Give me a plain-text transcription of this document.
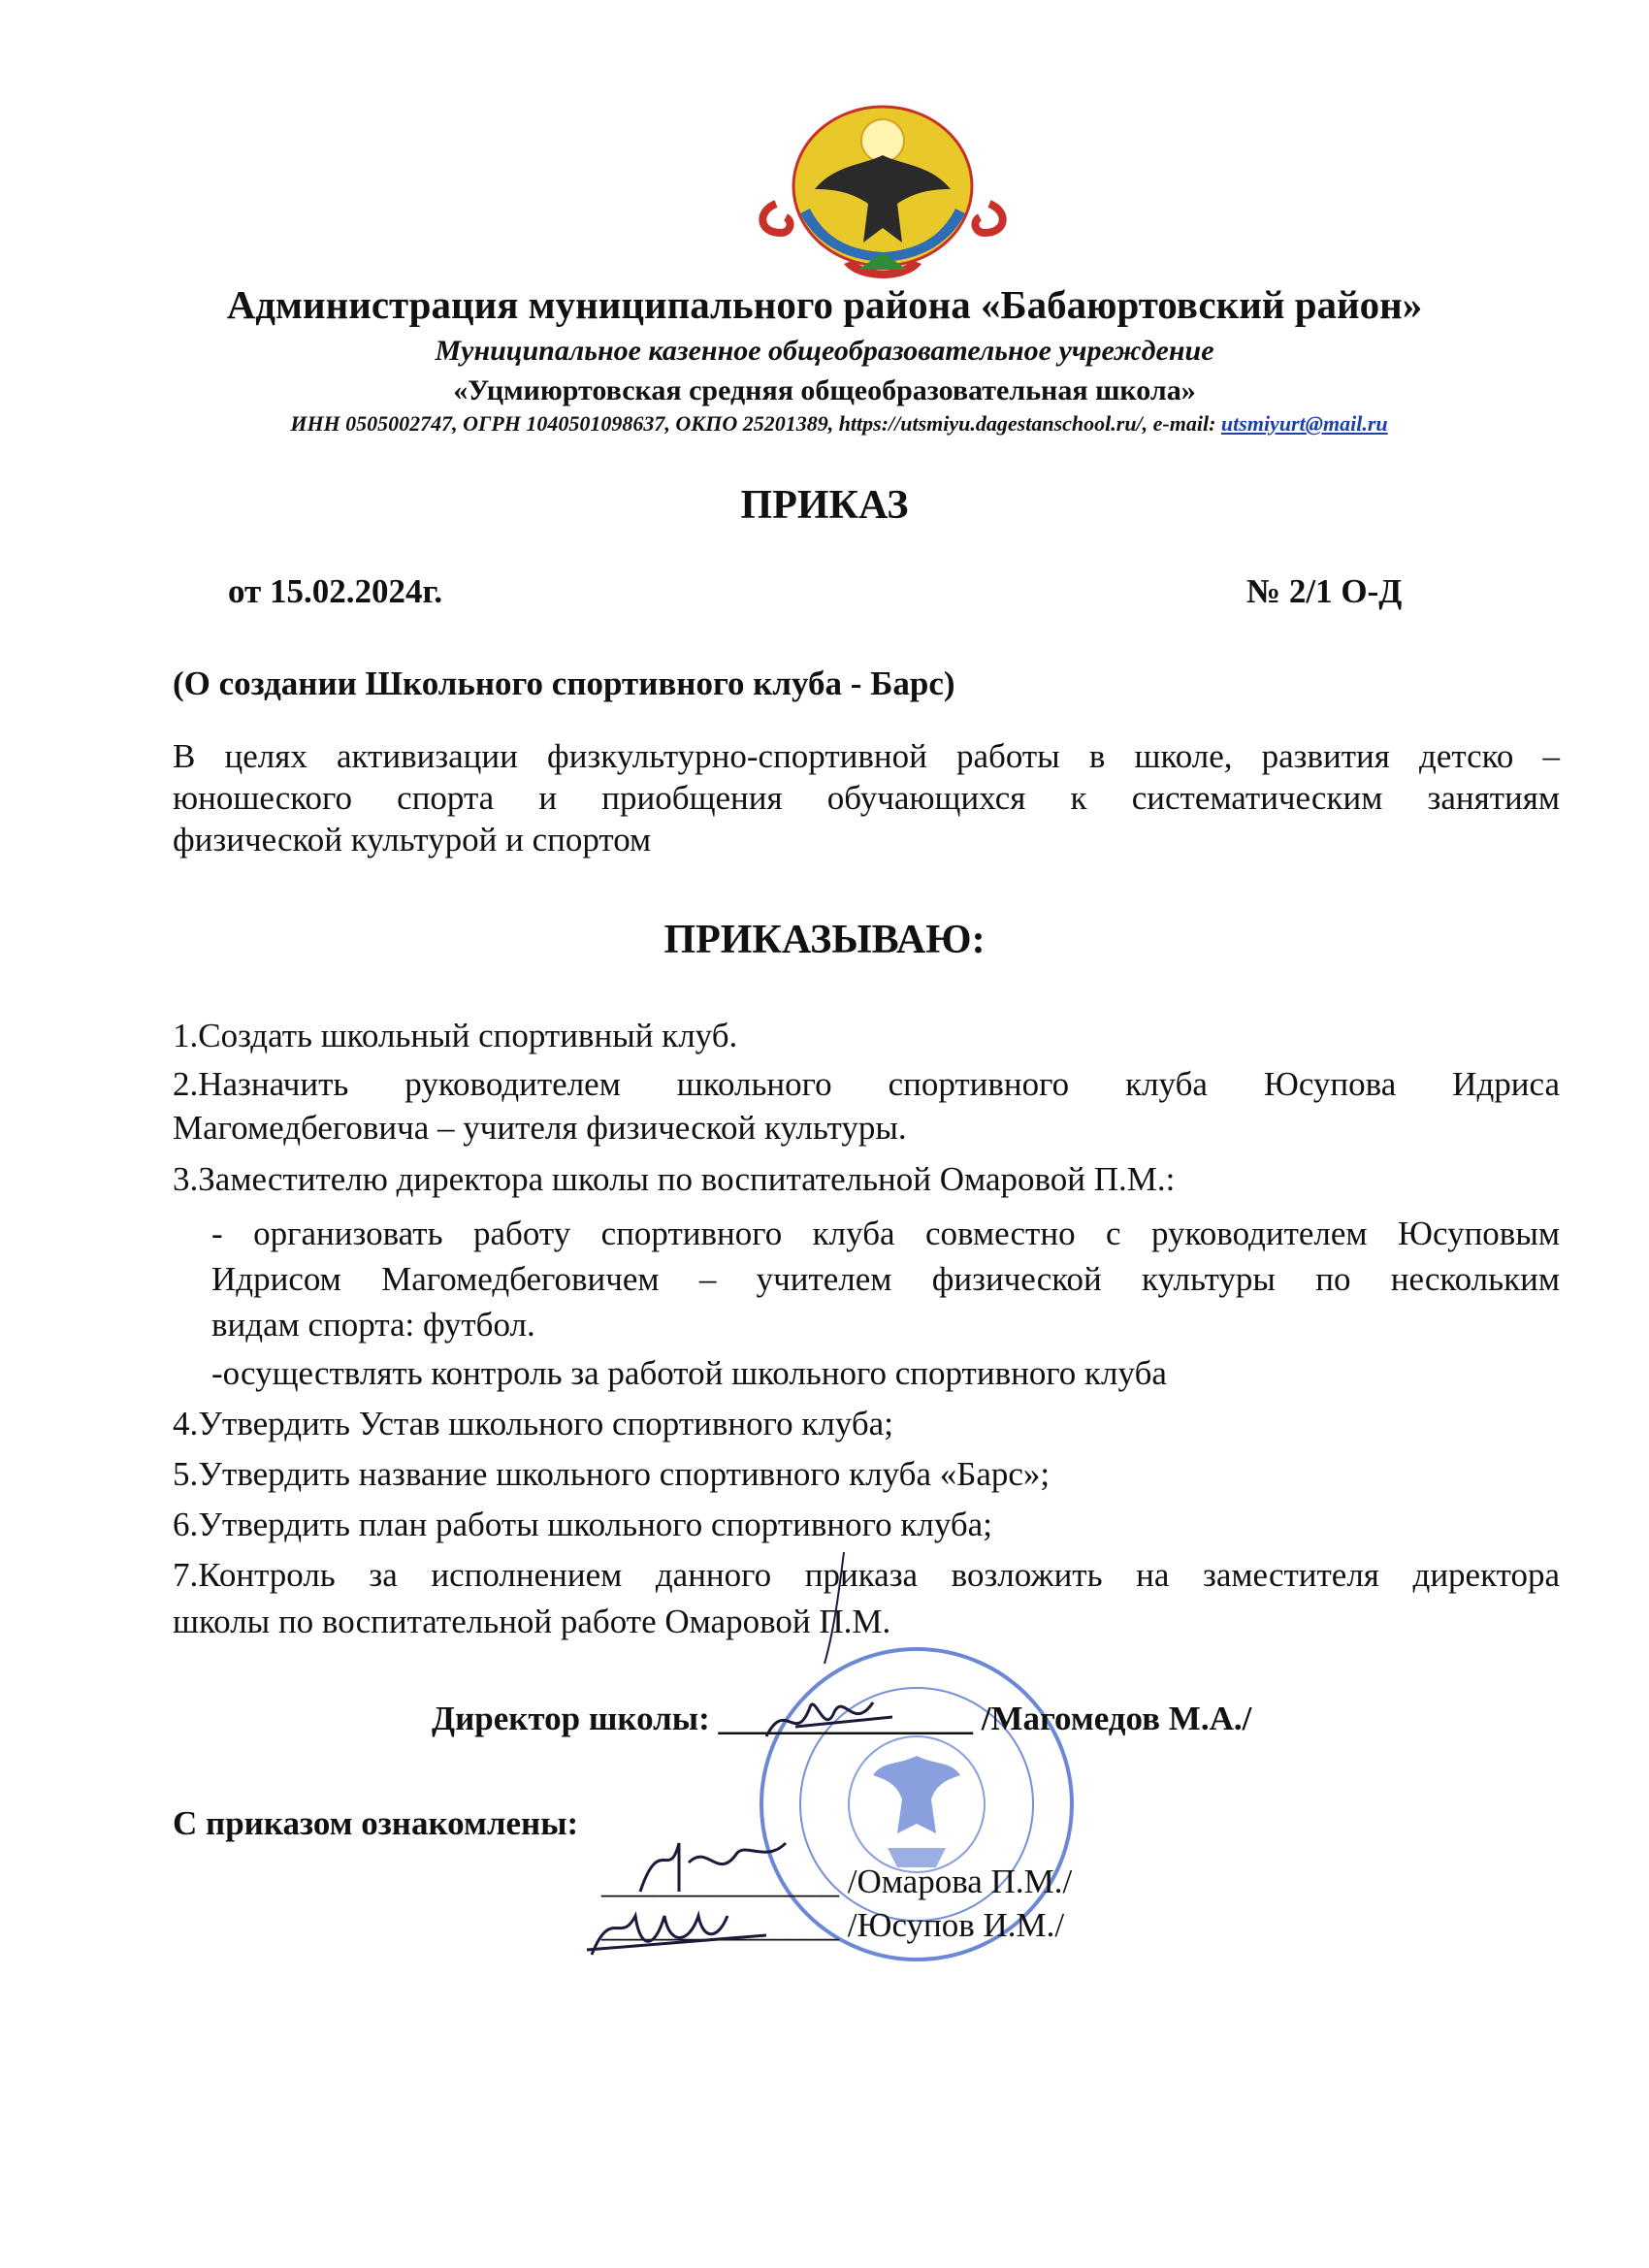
Администрация муниципального района «Бабаюртовский район»
Муниципальное казенное общеобразовательное учреждение
«Уцмиюртовская средняя общеобразовательная школа»
ИНН 0505002747, ОГРН 1040501098637, ОКПО 25201389, https://utsmiyu.dagestanschool.ru/, e-mail: utsmiyurt@mail.ru
ПРИКАЗ
от 15.02.2024г.	№ 2/1 О-Д
(О создании Школьного спортивного клуба - Барс)
В целях активизации физкультурно-спортивной работы в школе, развития детско –
юношеского спорта и приобщения обучающихся к систематическим занятиям
физической культурой и спортом
ПРИКАЗЫВАЮ:
1.Создать школьный спортивный клуб.
2.Назначить руководителем школьного спортивного клуба Юсупова Идриса
Магомедбеговича – учителя физической культуры.
3.Заместителю директора школы по воспитательной Омаровой П.М.:
- организовать работу спортивного клуба совместно с руководителем Юсуповым
Идрисом Магомедбеговичем – учителем физической культуры по нескольким
видам спорта: футбол.
-осуществлять контроль за работой школьного спортивного клуба
4.Утвердить Устав школьного спортивного клуба;
5.Утвердить название школьного спортивного клуба «Барс»;
6.Утвердить план работы школьного спортивного клуба;
7.Контроль за исполнением данного приказа возложить на заместителя директора
школы по воспитательной работе Омаровой П.М.
Директор школы: _______________ /Магомедов М.А./
С приказом ознакомлены:
______________ /Омарова П.М./
______________ /Юсупов И.М./
